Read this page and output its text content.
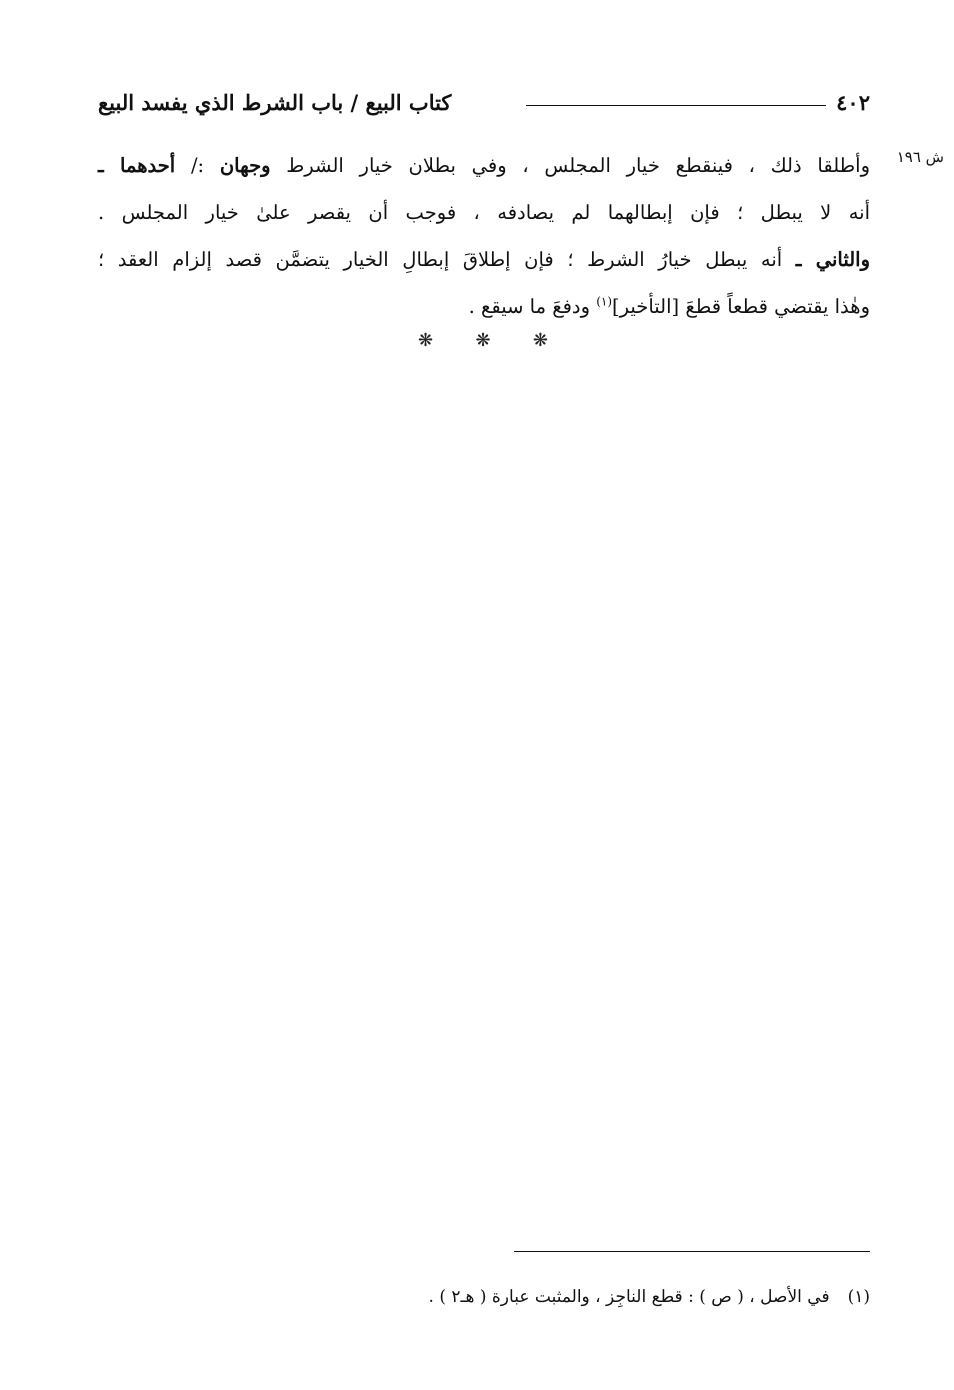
٤٠٢
كتاب البيع / باب الشرط الذي يفسد البيع
ش ١٩٦
وأطلقا ذلك ، فينقطع خيار المجلس ، وفي بطلان خيار الشرط وجهان :/ أحدهما ـ
أنه لا يبطل ؛ فإن إبطالهما لم يصادفه ، فوجب أن يقصر علىٰ خيار المجلس .
والثاني ـ أنه يبطل خيارُ الشرط ؛ فإن إطلاقَ إبطالِ الخيار يتضمَّن قصد إلزام العقد ؛
وهٰذا يقتضي قطعاً قطعَ [التأخير]$^{(١)}$ ودفعَ ما سيقع .
❋ ❋ ❋
(١)في الأصل ، ( ص ) : قطع الناجِز ، والمثبت عبارة ( هـ٢ ) .
